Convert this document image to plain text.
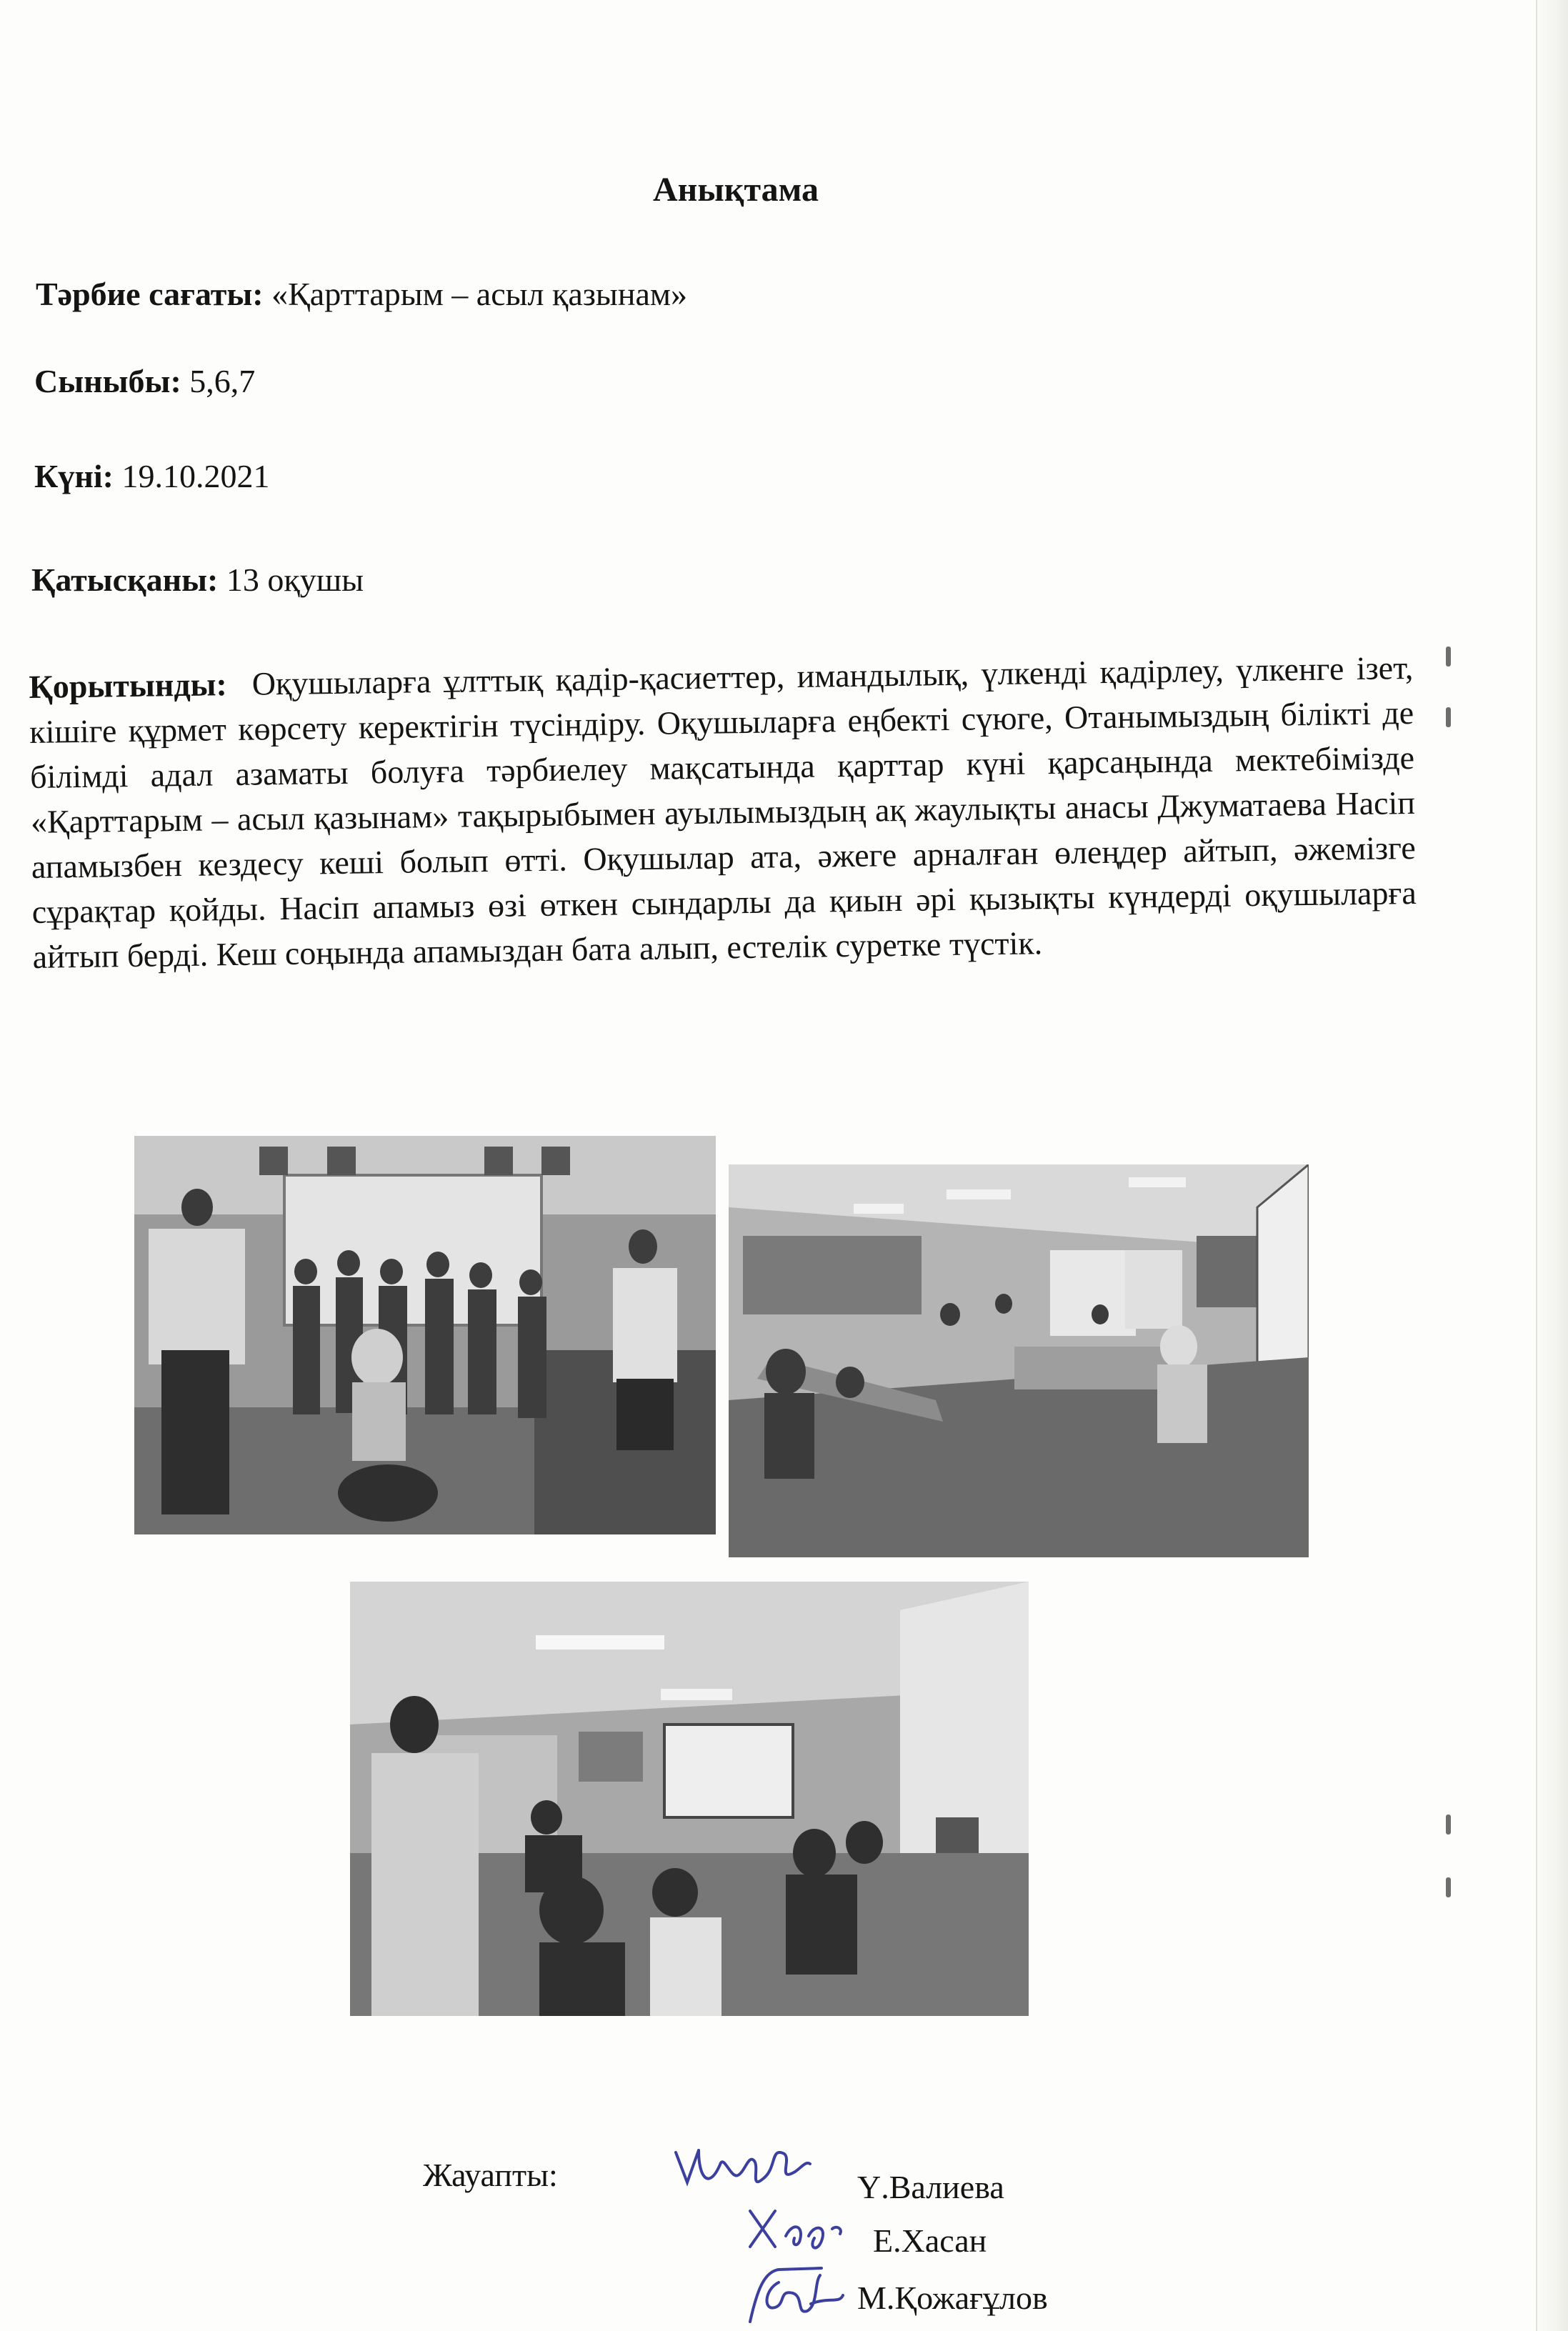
Анықтама
Тәрбие сағаты: «Қарттарым – асыл қазынам»
Сыныбы: 5,6,7
Күні: 19.10.2021
Қатысқаны: 13 оқушы
Қорытынды: Оқушыларға ұлттық қадір-қасиеттер, имандылық, үлкенді қадірлеу, үлкенге ізет, кішіге құрмет көрсету керектігін түсіндіру. Оқушыларға еңбекті сүюге, Отанымыздың білікті де білімді адал азаматы болуға тәрбиелеу мақсатында қарттар күні қарсаңында мектебімізде «Қарттарым – асыл қазынам» тақырыбымен ауылымыздың ақ жаулықты анасы Джуматаева Насіп апамызбен кездесу кеші болып өтті. Оқушылар ата, әжеге арналған өлеңдер айтып, әжемізге сұрақтар қойды. Насіп апамыз өзі өткен сындарлы да қиын әрі қызықты күндерді оқушыларға айтып берді. Кеш соңында апамыздан бата алып, естелік суретке түстік.
Жауапты:	Ү.Валиева
Е.Хасан
М.Қожағұлов
